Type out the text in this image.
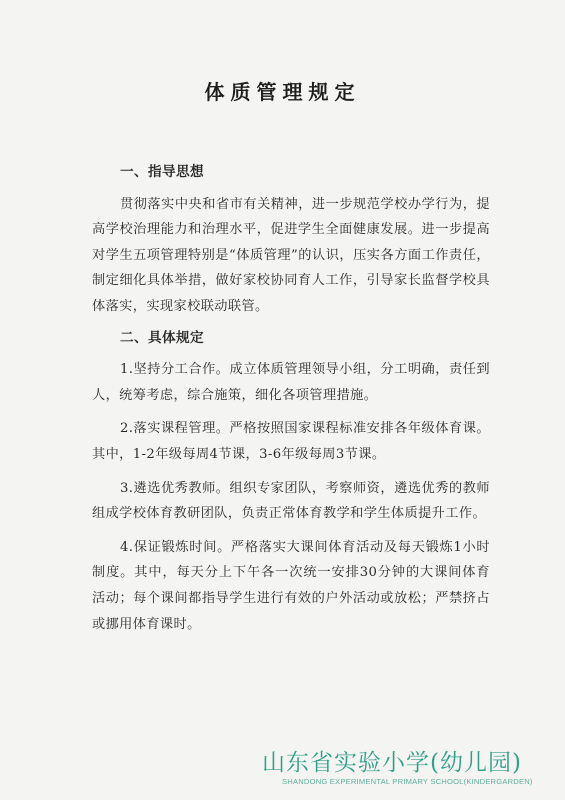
体质管理规定

一、指导思想

贯彻落实中央和省市有关精神，进一步规范学校办学行为，提高学校治理能力和治理水平，促进学生全面健康发展。进一步提高对学生五项管理特别是“体质管理”的认识，压实各方面工作责任，制定细化具体举措，做好家校协同育人工作，引导家长监督学校具体落实，实现家校联动联管。

二、具体规定

1.坚持分工合作。成立体质管理领导小组，分工明确，责任到人，统筹考虑，综合施策，细化各项管理措施。

2.落实课程管理。严格按照国家课程标准安排各年级体育课。其中，1-2年级每周4节课，3-6年级每周3节课。

3.遴选优秀教师。组织专家团队，考察师资，遴选优秀的教师组成学校体育教研团队，负责正常体育教学和学生体质提升工作。

4.保证锻炼时间。严格落实大课间体育活动及每天锻炼1小时制度。其中，每天分上下午各一次统一安排30分钟的大课间体育活动；每个课间都指导学生进行有效的户外活动或放松；严禁挤占或挪用体育课时。

山东省实验小学(幼儿园)
SHANDONG EXPERIMENTAL PRIMARY SCHOOL(KINDERGARDEN)
